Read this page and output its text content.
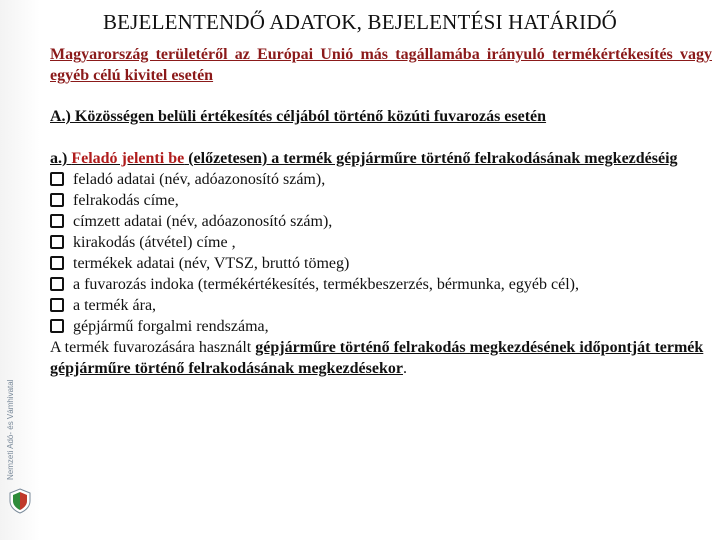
Nemzeti Adó- és Vámhivatal
BEJELENTENDŐ ADATOK, BEJELENTÉSI HATÁRIDŐ

Magyarország területéről az Európai Unió más tagállamába irányuló termékértékesítés vagy egyéb célú kivitel esetén

A.) Közösségen belüli értékesítés céljából történő közúti fuvarozás esetén

a.) Feladó jelenti be (előzetesen) a termék gépjárműre történő felrakodásának megkezdéséig

feladó adatai (név, adóazonosító szám),
felrakodás címe,
címzett adatai (név, adóazonosító szám),
kirakodás (átvétel) címe ,
termékek adatai (név, VTSZ, bruttó tömeg)
a fuvarozás indoka (termékértékesítés, termékbeszerzés, bérmunka, egyéb cél),
a termék ára,
gépjármű forgalmi rendszáma,

A termék fuvarozására használt gépjárműre történő felrakodás megkezdésének időpontját termék gépjárműre történő felrakodásának megkezdésekor.
